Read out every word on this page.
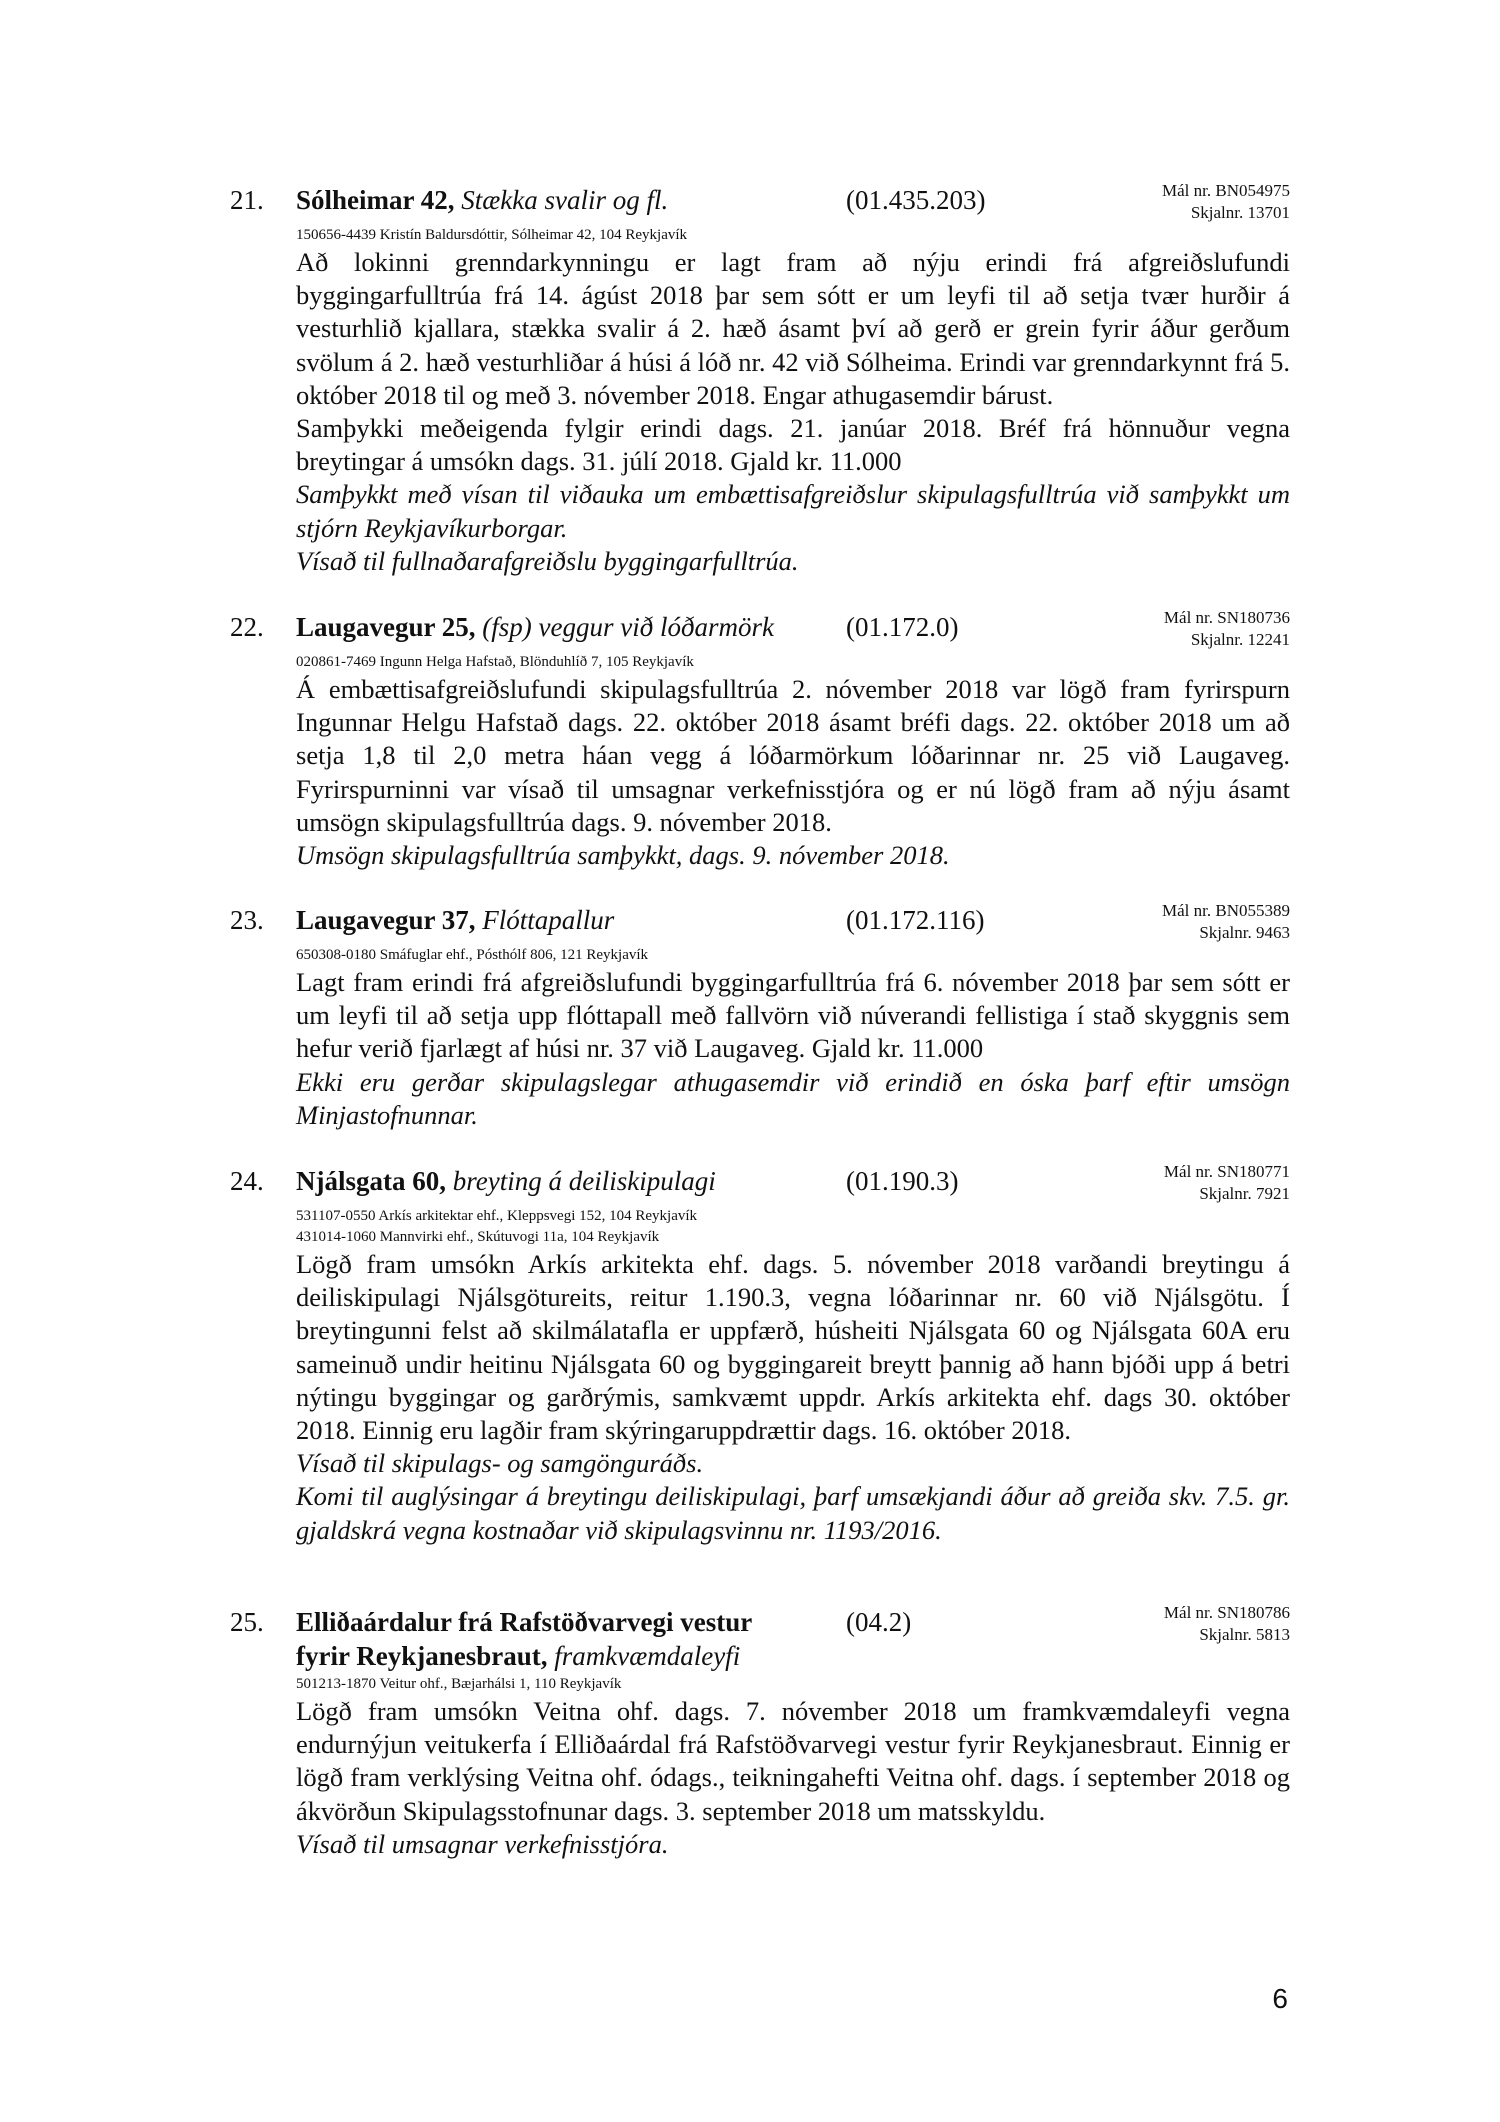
21. Sólheimar 42, Stækka svalir og fl.	(01.435.203)	Mál nr. BN054975
Skjalnr. 13701
150656-4439 Kristín Baldursdóttir, Sólheimar 42, 104 Reykjavík

Að lokinni grenndarkynningu er lagt fram að nýju erindi frá afgreiðslufundi byggingarfulltrúa frá 14. ágúst 2018 þar sem sótt er um leyfi til að setja tvær hurðir á vesturhlið kjallara, stækka svalir á 2. hæð ásamt því að gerð er grein fyrir áður gerðum svölum á 2. hæð vesturhliðar á húsi á lóð nr. 42 við Sólheima. Erindi var grenndarkynnt frá 5. október 2018 til og með 3. nóvember 2018. Engar athugasemdir bárust.

Samþykki meðeigenda fylgir erindi dags. 21. janúar 2018. Bréf frá hönnuður vegna breytingar á umsókn dags. 31. júlí 2018. Gjald kr. 11.000

Samþykkt með vísan til viðauka um embættisafgreiðslur skipulagsfulltrúa við samþykkt um stjórn Reykjavíkurborgar.

Vísað til fullnaðarafgreiðslu byggingarfulltrúa.

22. Laugavegur 25, (fsp) veggur við lóðarmörk	(01.172.0)	Mál nr. SN180736
Skjalnr. 12241
020861-7469 Ingunn Helga Hafstað, Blönduhlíð 7, 105 Reykjavík

Á embættisafgreiðslufundi skipulagsfulltrúa 2. nóvember 2018 var lögð fram fyrirspurn Ingunnar Helgu Hafstað dags. 22. október 2018 ásamt bréfi dags. 22. október 2018 um að setja 1,8 til 2,0 metra háan vegg á lóðarmörkum lóðarinnar nr. 25 við Laugaveg. Fyrirspurninni var vísað til umsagnar verkefnisstjóra og er nú lögð fram að nýju ásamt umsögn skipulagsfulltrúa dags. 9. nóvember 2018.

Umsögn skipulagsfulltrúa samþykkt, dags. 9. nóvember 2018.

23. Laugavegur 37, Flóttapallur	(01.172.116)	Mál nr. BN055389
Skjalnr. 9463
650308-0180 Smáfuglar ehf., Pósthólf 806, 121 Reykjavík

Lagt fram erindi frá afgreiðslufundi byggingarfulltrúa frá 6. nóvember 2018 þar sem sótt er um leyfi til að setja upp flóttapall með fallvörn við núverandi fellistiga í stað skyggnis sem hefur verið fjarlægt af húsi nr. 37 við Laugaveg. Gjald kr. 11.000

Ekki eru gerðar skipulagslegar athugasemdir við erindið en óska þarf eftir umsögn Minjastofnunnar.

24. Njálsgata 60, breyting á deiliskipulagi	(01.190.3)	Mál nr. SN180771
Skjalnr. 7921
531107-0550 Arkís arkitektar ehf., Kleppsvegi 152, 104 Reykjavík
431014-1060 Mannvirki ehf., Skútuvogi 11a, 104 Reykjavík

Lögð fram umsókn Arkís arkitekta ehf. dags. 5. nóvember 2018 varðandi breytingu á deiliskipulagi Njálsgötureits, reitur 1.190.3, vegna lóðarinnar nr. 60 við Njálsgötu. Í breytingunni felst að skilmálatafla er uppfærð, húsheiti Njálsgata 60 og Njálsgata 60A eru sameinuð undir heitinu Njálsgata 60 og byggingareit breytt þannig að hann bjóði upp á betri nýtingu byggingar og garðrýmis, samkvæmt uppdr. Arkís arkitekta ehf. dags 30. október 2018. Einnig eru lagðir fram skýringaruppdrættir dags. 16. október 2018.

Vísað til skipulags- og samgönguráðs.

Komi til auglýsingar á breytingu deiliskipulagi, þarf umsækjandi áður að greiða skv. 7.5. gr. gjaldskrá vegna kostnaðar við skipulagsvinnu nr. 1193/2016.

25. Elliðaárdalur frá Rafstöðvarvegi vestur fyrir Reykjanesbraut, framkvæmdaleyfi
(04.2)	Mál nr. SN180786
Skjalnr. 5813
501213-1870 Veitur ohf., Bæjarhálsi 1, 110 Reykjavík

Lögð fram umsókn Veitna ohf. dags. 7. nóvember 2018 um framkvæmdaleyfi vegna endurnýjun veitukerfa í Elliðaárdal frá Rafstöðvarvegi vestur fyrir Reykjanesbraut. Einnig er lögð fram verklýsing Veitna ohf. ódags., teikningahefti Veitna ohf. dags. í september 2018 og ákvörðun Skipulagsstofnunar dags. 3. september 2018 um matsskyldu.

Vísað til umsagnar verkefnisstjóra.

6
